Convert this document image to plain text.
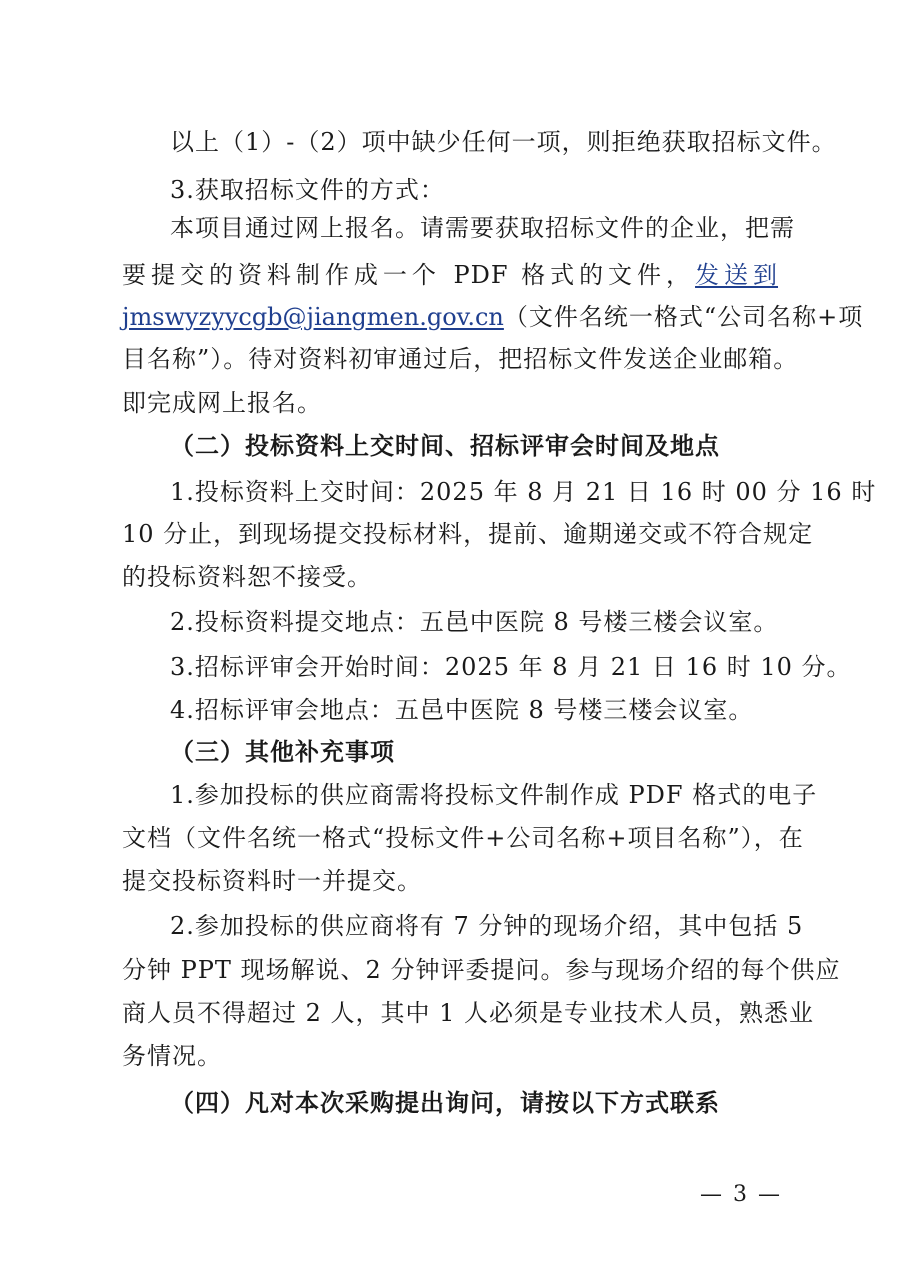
以上（1）-（2）项中缺少任何一项，则拒绝获取招标文件。
3.获取招标文件的方式：
本项目通过网上报名。请需要获取招标文件的企业，把需
要提交的资料制作成一个 PDF 格式的文件，发送到
jmswyzyycgb@jiangmen.gov.cn（文件名统一格式“公司名称+项
目名称”）。待对资料初审通过后，把招标文件发送企业邮箱。
即完成网上报名。
（二）投标资料上交时间、招标评审会时间及地点
1.投标资料上交时间：2025 年 8 月 21 日 16 时 00 分 16 时
10 分止，到现场提交投标材料，提前、逾期递交或不符合规定
的投标资料恕不接受。
2.投标资料提交地点：五邑中医院 8 号楼三楼会议室。
3.招标评审会开始时间：2025 年 8 月 21 日 16 时 10 分。
4.招标评审会地点：五邑中医院 8 号楼三楼会议室。
（三）其他补充事项
1.参加投标的供应商需将投标文件制作成 PDF 格式的电子
文档（文件名统一格式“投标文件+公司名称+项目名称”），在
提交投标资料时一并提交。
2.参加投标的供应商将有 7 分钟的现场介绍，其中包括 5
分钟 PPT 现场解说、2 分钟评委提问。参与现场介绍的每个供应
商人员不得超过 2 人，其中 1 人必须是专业技术人员，熟悉业
务情况。
（四）凡对本次采购提出询问，请按以下方式联系
— 3 —
